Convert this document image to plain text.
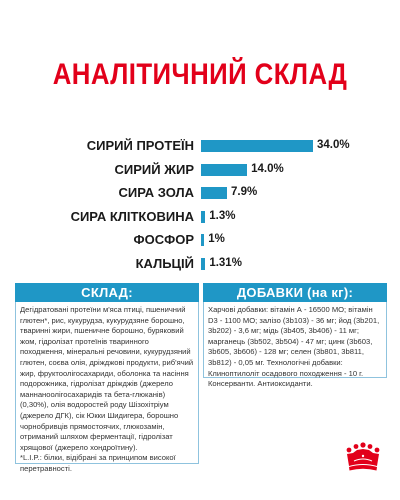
АНАЛІТИЧНИЙ СКЛАД
СИРИЙ ПРОТЕЇН	34.0%
СИРИЙ ЖИР	14.0%
СИРА ЗОЛА	7.9%
СИРА КЛІТКОВИНА 1.3%
ФОСФОР 1%
КАЛЬЦІЙ 1.31%
СКЛАД:
Дегідратовані протеїни м'яса птиці, пшеничний глютен*, рис, кукурудза, кукурудзяне борошно, тваринні жири, пшеничне борошно, буряковий жом, гідролізат протеїнів тваринного походження, мінеральні речовини, кукурудзяний глютен, соєва олія, дріжджові продукти, риб'ячий жир, фруктоолігосахариди, оболонка та насіння подорожника, гідролізат дріжджів (джерело маннаноолігосахаридів та бета-глюканів) (0,30%), олія водоростей роду Шізохітріум (джерело ДГК), сік Юкки Шидигера, борошно чорнобривців прямостоячих, глюкозамін, отриманий шляхом ферментації, гідролізат хрящової (джерело хондроїтину).
*L.I.P.: білки, відібрані за принципом високої перетравності.
ДОБАВКИ (на кг):
Харчові добавки: вітамін А - 16500 МО; вітамін D3 - 1100 МО; залізо (3b103) - 36 мг; йод (3b201, 3b202) - 3,6 мг; мідь (3b405, 3b406) - 11 мг; марганець (3b502, 3b504) - 47 мг; цинк (3b603, 3b605, 3b606) - 128 мг; селен (3b801, 3b811, 3b812) - 0,05 мг. Технологічні добавки: Клиноптилоліт осадового походження - 10 г. Консерванти. Антиоксиданти.
